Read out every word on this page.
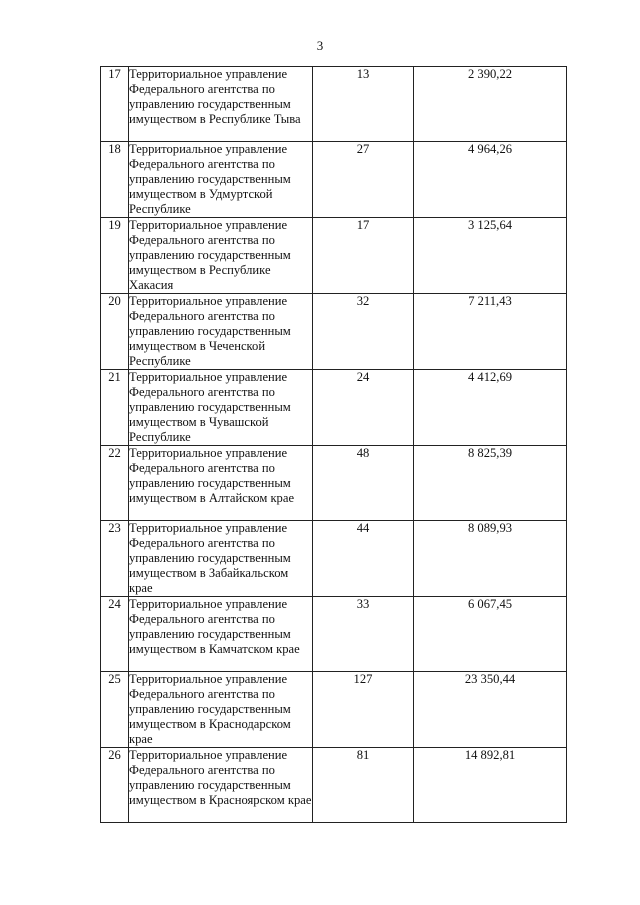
3
17	Территориальное управление Федерального агентства по управлению государственным имуществом в Республике Тыва	13	2 390,22
18	Территориальное управление Федерального агентства по управлению государственным имуществом в Удмуртской Республике	27	4 964,26
19	Территориальное управление Федерального агентства по управлению государственным имуществом в Республике Хакасия	17	3 125,64
20	Территориальное управление Федерального агентства по управлению государственным имуществом в Чеченской Республике	32	7 211,43
21	Территориальное управление Федерального агентства по управлению государственным имуществом в Чувашской Республике	24	4 412,69
22	Территориальное управление Федерального агентства по управлению государственным имуществом в Алтайском крае	48	8 825,39
23	Территориальное управление Федерального агентства по управлению государственным имуществом в Забайкальском крае	44	8 089,93
24	Территориальное управление Федерального агентства по управлению государственным имуществом в Камчатском крае	33	6 067,45
25	Территориальное управление Федерального агентства по управлению государственным имуществом в Краснодарском крае	127	23 350,44
26	Территориальное управление Федерального агентства по управлению государственным имуществом в Красноярском крае	81	14 892,81
